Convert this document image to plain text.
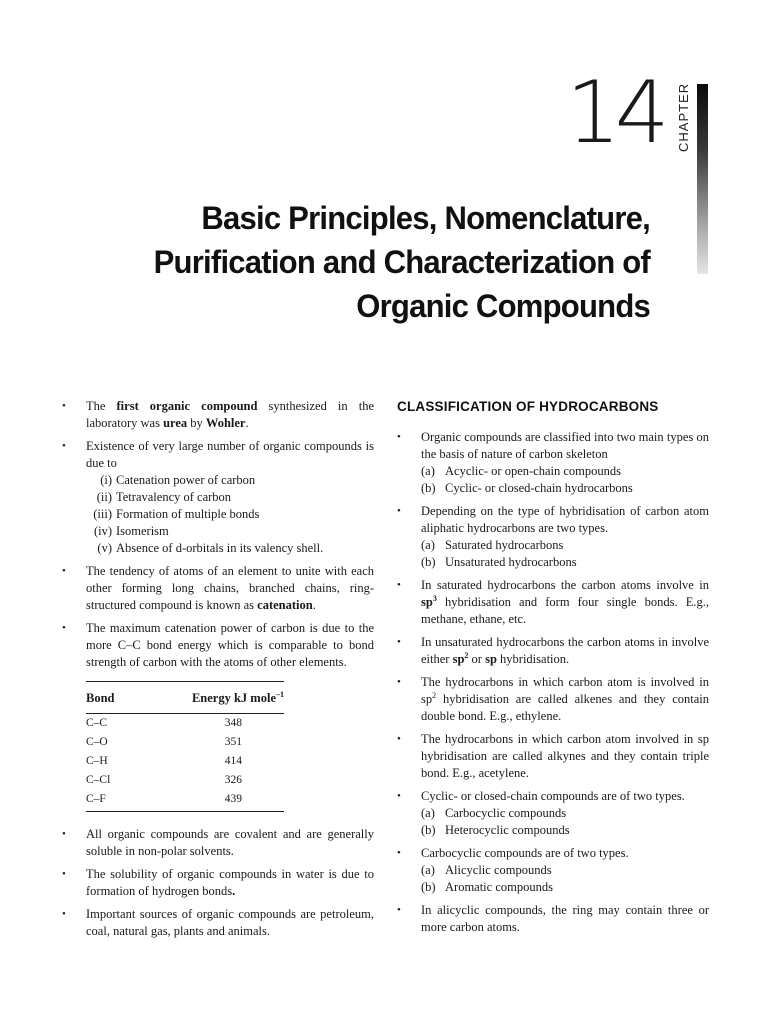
14 CHAPTER
Basic Principles, Nomenclature,
Purification and Characterization of
Organic Compounds
• The first organic compound synthesized in the laboratory was urea by Wohler.
• Existence of very large number of organic compounds is due to
(i) Catenation power of carbon
(ii) Tetravalency of carbon
(iii) Formation of multiple bonds
(iv) Isomerism
(v) Absence of d-orbitals in its valency shell.
• The tendency of atoms of an element to unite with each other forming long chains, branched chains, ring-structured compound is known as catenation.
• The maximum catenation power of carbon is due to the more C–C bond energy which is comparable to bond strength of carbon with the atoms of other elements.
Bond	Energy kJ mole$^{-1}$
C–C	348
C–O	351
C–H	414
C–Cl	326
C–F	439
• All organic compounds are covalent and are generally soluble in non-polar solvents.
• The solubility of organic compounds in water is due to formation of hydrogen bonds.
• Important sources of organic compounds are petroleum, coal, natural gas, plants and animals.
CLASSIFICATION OF HYDROCARBONS
• Organic compounds are classified into two main types on the basis of nature of carbon skeleton
(a) Acyclic- or open-chain compounds
(b) Cyclic- or closed-chain hydrocarbons
• Depending on the type of hybridisation of carbon atom aliphatic hydrocarbons are two types.
(a) Saturated hydrocarbons
(b) Unsaturated hydrocarbons
• In saturated hydrocarbons the carbon atoms involve in $sp^3$ hybridisation and form four single bonds. E.g., methane, ethane, etc.
• In unsaturated hydrocarbons the carbon atoms in involve either $sp^2$ or sp hybridisation.
• The hydrocarbons in which carbon atom is involved in $sp^2$ hybridisation are called alkenes and they contain double bond. E.g., ethylene.
• The hydrocarbons in which carbon atom involved in sp hybridisation are called alkynes and they contain triple bond. E.g., acetylene.
• Cyclic- or closed-chain compounds are of two types.
(a) Carbocyclic compounds
(b) Heterocyclic compounds
• Carbocyclic compounds are of two types.
(a) Alicyclic compounds
(b) Aromatic compounds
• In alicyclic compounds, the ring may contain three or more carbon atoms.
